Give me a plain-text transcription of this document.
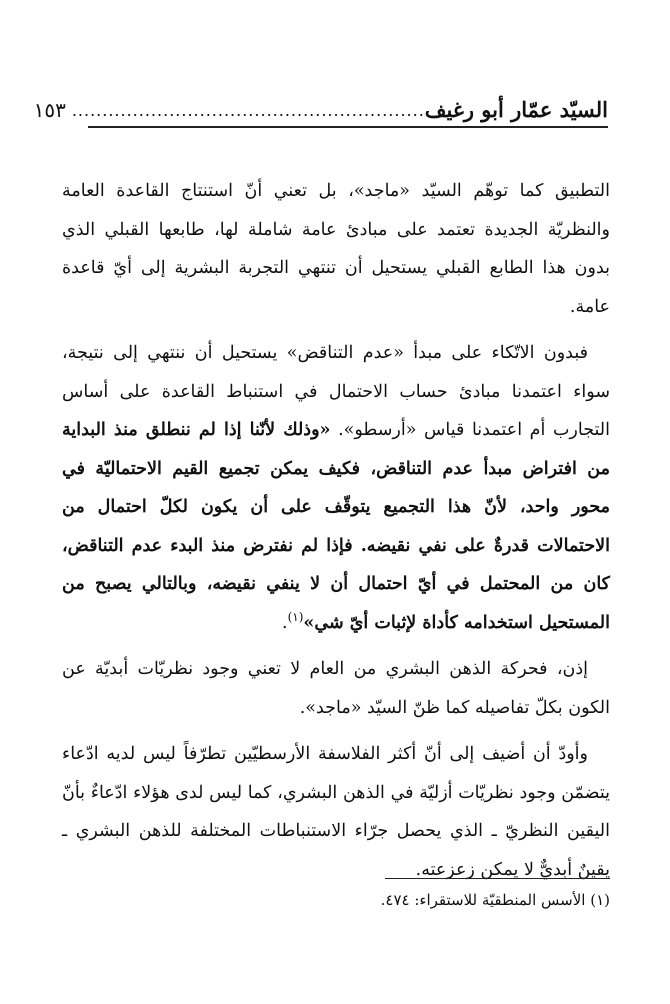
السيّد عمّار أبو رغيف
..........................................................
١٥٣

التطبيق كما توهّم السيّد «ماجد»، بل تعني أنّ استنتاج القاعدة العامة والنظريّة الجديدة تعتمد على مبادئ عامة شاملة لها، طابعها القبلي الذي بدون هذا الطابع القبلي يستحيل أن تنتهي التجربة البشرية إلى أيّ قاعدة عامة.

فبدون الاتّكاء على مبدأ «عدم التناقض» يستحيل أن ننتهي إلى نتيجة، سواء اعتمدنا مبادئ حساب الاحتمال في استنباط القاعدة على أساس التجارب أم اعتمدنا قياس «أرسطو». «وذلك لأنّنا إذا لم ننطلق منذ البداية من افتراض مبدأ عدم التناقض، فكيف يمكن تجميع القيم الاحتماليّة في محور واحد، لأنّ هذا التجميع يتوقّف على أن يكون لكلّ احتمال من الاحتمالات قدرةٌ على نفي نقيضه. فإذا لم نفترض منذ البدء عدم التناقض، كان من المحتمل في أيّ احتمال أن لا ينفي نقيضه، وبالتالي يصبح من المستحيل استخدامه كأداة لإثبات أيّ شي»$^{(١)}$.

إذن، فحركة الذهن البشري من العام لا تعني وجود نظريّات أبديّة عن الكون بكلّ تفاصيله كما ظنّ السيّد «ماجد».

وأودّ أن أضيف إلى أنّ أكثر الفلاسفة الأرسطيّين تطرّفاً ليس لديه ادّعاء يتضمّن وجود نظريّات أزليّة في الذهن البشري، كما ليس لدى هؤلاء ادّعاءٌ بأنّ اليقين النظريّ ـ الذي يحصل جرّاء الاستنباطات المختلفة للذهن البشري ـ يقينٌ أبديٌّ لا يمكن زعزعته.

(١) الأسس المنطقيّة للاستقراء: ٤٧٤.
